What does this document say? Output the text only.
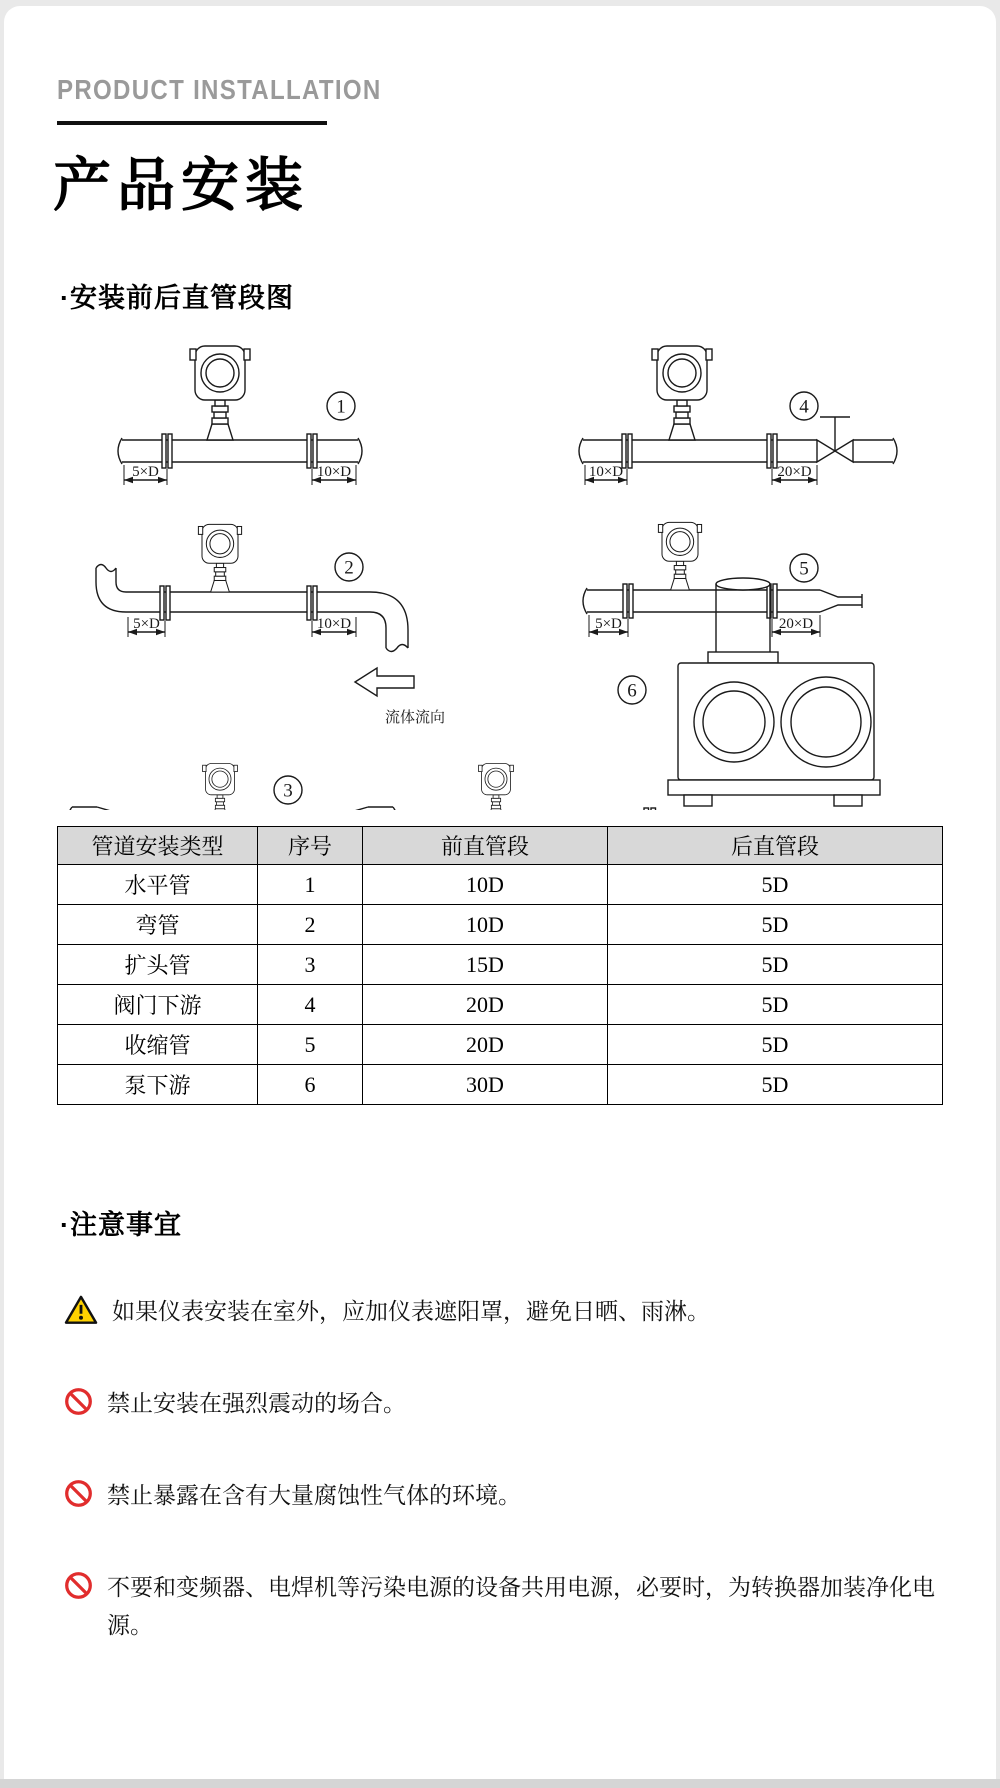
PRODUCT INSTALLATION
产品安装
·安装前后直管段图
5×D	10×D
1
10×D	20×D
4
5×D	10×D
2
5×D	20×D
5
流体流向
3
6
管道安装类型	序号	前直管段	后直管段
水平管	1	10D	5D
弯管	2	10D	5D
扩头管	3	15D	5D
阀门下游	4	20D	5D
收缩管	5	20D	5D
泵下游	6	30D	5D
·注意事宜

如果仪表安装在室外，应加仪表遮阳罩，避免日晒、雨淋。

禁止安装在强烈震动的场合。

禁止暴露在含有大量腐蚀性气体的环境。

不要和变频器、电焊机等污染电源的设备共用电源，必要时，为转换器加装净化电源。
